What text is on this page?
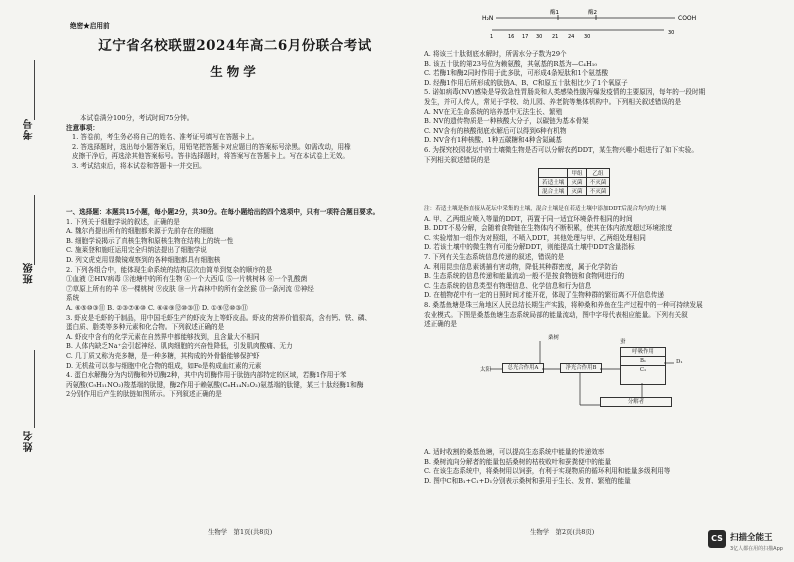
考号
班级
姓名
绝密★启用前
辽宁省名校联盟2024年高二6月份联合考试
生物学
本试卷满分100分，考试时间75分钟。
注意事项：
1. 答卷前，考生务必将自己的姓名、准考证号填写在答题卡上。
2. 答选择题时，选出每小题答案后，用铅笔把答题卡对应题目的答案标号涂黑。如需改动，用橡
皮擦干净后，再选涂其他答案标号。答非选择题时，将答案写在答题卡上。写在本试卷上无效。
3. 考试结束后，将本试卷和答题卡一并交回。
一、选择题：本题共15小题，每小题2分，共30分。在每小题给出的四个选项中，只有一项符合题目要求。
1. 下列关于细胞学说的叙述，正确的是
A. 魏尔肖提出所有的细胞都来源于先前存在的细胞
B. 细胞学说揭示了真核生物和原核生物在结构上的统一性
C. 施莱登和施旺运用完全归纳法提出了细胞学说
D. 列文虎克用显微镜观察到的各种细胞都具有细胞核
2. 下列各组合中，能体现生命系统的结构层次由简单到复杂的顺序的是
①血液 ②HIV病毒 ③池塘中的所有生物 ④一个大西瓜 ⑤一片桃树林 ⑥一个乳酸菌
⑦草原上所有的羊 ⑧一棵桃树 ⑨皮肤 ⑩一片森林中的所有金丝猴 ⑪一条河流 ⑫神经
系统
A. ⑥⑤⑩③⑪ B. ②③⑦⑧⑩ C. ⑥④⑨⑫⑩③⑪ D. ①⑨⑫⑩③⑪
3. 虾皮是毛虾的干制品，用中国毛虾生产的虾皮为上等虾皮品。虾皮的营养价值很高，含有钙、铁、磷、
蛋白质、脂类等多种元素和化合物。下列叙述正确的是
A. 虾皮中含有的化学元素在自然界中都能够找到，且含量大不相同
B. 人体内缺乏Na⁺会引起神经、肌肉细胞的兴奋性降低，引发肌肉酸痛、无力
C. 几丁质又称为壳多糖，是一种多糖，其构成的外骨骼能够保护虾
D. 无机盐可以参与细胞中化合物的组成，如Fe是构成血红素的元素
4. 蛋白水解酶分为内切酶和外切酶2种，其中内切酶作用于肽链内部特定的区域，若酶1作用于苯
丙氨酸(C₉H₁₁NO₂)羧基端的肽键，酶2作用于赖氨酸(C₆H₁₄N₂O₂)氨基端的肽键，某三十肽经酶1和酶
2分别作用后产生的肽链如图所示。下列叙述正确的是
生物学　第1页(共8页)
H₂N	COOH
酶1	酶2
1	16 17 30 21 24 30
30
A. 将该三十肽彻底水解时，所需水分子数为29个
B. 该五十肽的第23号位为赖氨酸，其氨基的R基为—C₄H₁₀
C. 若酶1和酶2同时作用于此多肽，可形成4条短肽和1个氨基酸
D. 经酶1作用后所形成的肽链A、B、C和原五十肽相比少了1个氧原子
5. 诺如病毒(NV)感染是导致急性胃肠炎和人类感染性腹泻爆发疫情的主要原因，每年的一段时期
发生，并可人传人，常见于学校、幼儿园、养老院等集体机构中。下列相关叙述错误的是
A. NV在无生命系统的培养基中无法生长、繁殖
B. NV的遗传物质是一种核酸大分子，以碳链为基本骨架
C. NV含有的核酸彻底水解后可以得到6种有机物
D. NV含有1种核酸、1种五碳糖和4种含氮碱基
6. 为探究校园花坛中的土壤微生物是否可以分解农药DDT，某生物兴趣小组进行了如下实验。
下列相关叙述错误的是
	甲组	乙组
若适土壤	灭菌	不灭菌
混合土壤	灭菌	不灭菌
注：若适土壤是指直接从花坛中采集的土壤，混合土壤是在若适土壤中添加DDT后混合均匀的土壤
A. 甲、乙两组应喷入等量的DDT，再置于同一适宜环境条件相同的时间
B. DDT不易分解，会随着食物链在生物体内不断积累，使其在体内浓度超过环境浓度
C. 实验增加一组作为对照组，不喷入DDT，其他处理与甲、乙两组处理相同
D. 若该土壤中的微生物有可能分解DDT，则能提高土壤中DDT含量指标
7. 下列有关生态系统信息传递的叙述，错误的是
A. 利用昆虫信息素诱捕有害动物，降低其种群密度，属于化学防治
B. 生态系统的信息传递和能量流动一般不是按食物链和食物网进行的
C. 生态系统的信息类型有物理信息、化学信息和行为信息
D. 在植物花中有一定的日照时间才能开花，体现了生物种群的繁衍离不开信息传递
8. 桑基鱼塘是珠三角地区人民总结长期生产实践，将种桑和养鱼在生产过程中的一种可持续发展
农业模式。下图是桑基鱼塘生态系统局部的能量流动，图中字母代表相应能量。下列有关叙
述正确的是
太阳
桑树
总光合作用A	净光合作用B
蚕
呼吸作用
B₁
C₁
D₁
分解者
A. 适时收割的桑基鱼塘，可以提高生态系统中能量的传递效率
B. 桑树流向分解者的能量包括桑树的枯枝败叶和蚕粪便中的能量
C. 在该生态系统中，将桑树用以饲蚕，有利于实现物质的循环利用和能量多级利用等
D. 图中C和B₁+C₁+D₁分别表示桑树和蚕用于生长、发育、繁殖的能量
生物学　第2页(共8页)
CS 扫描全能王
3亿人都在用的扫描App
